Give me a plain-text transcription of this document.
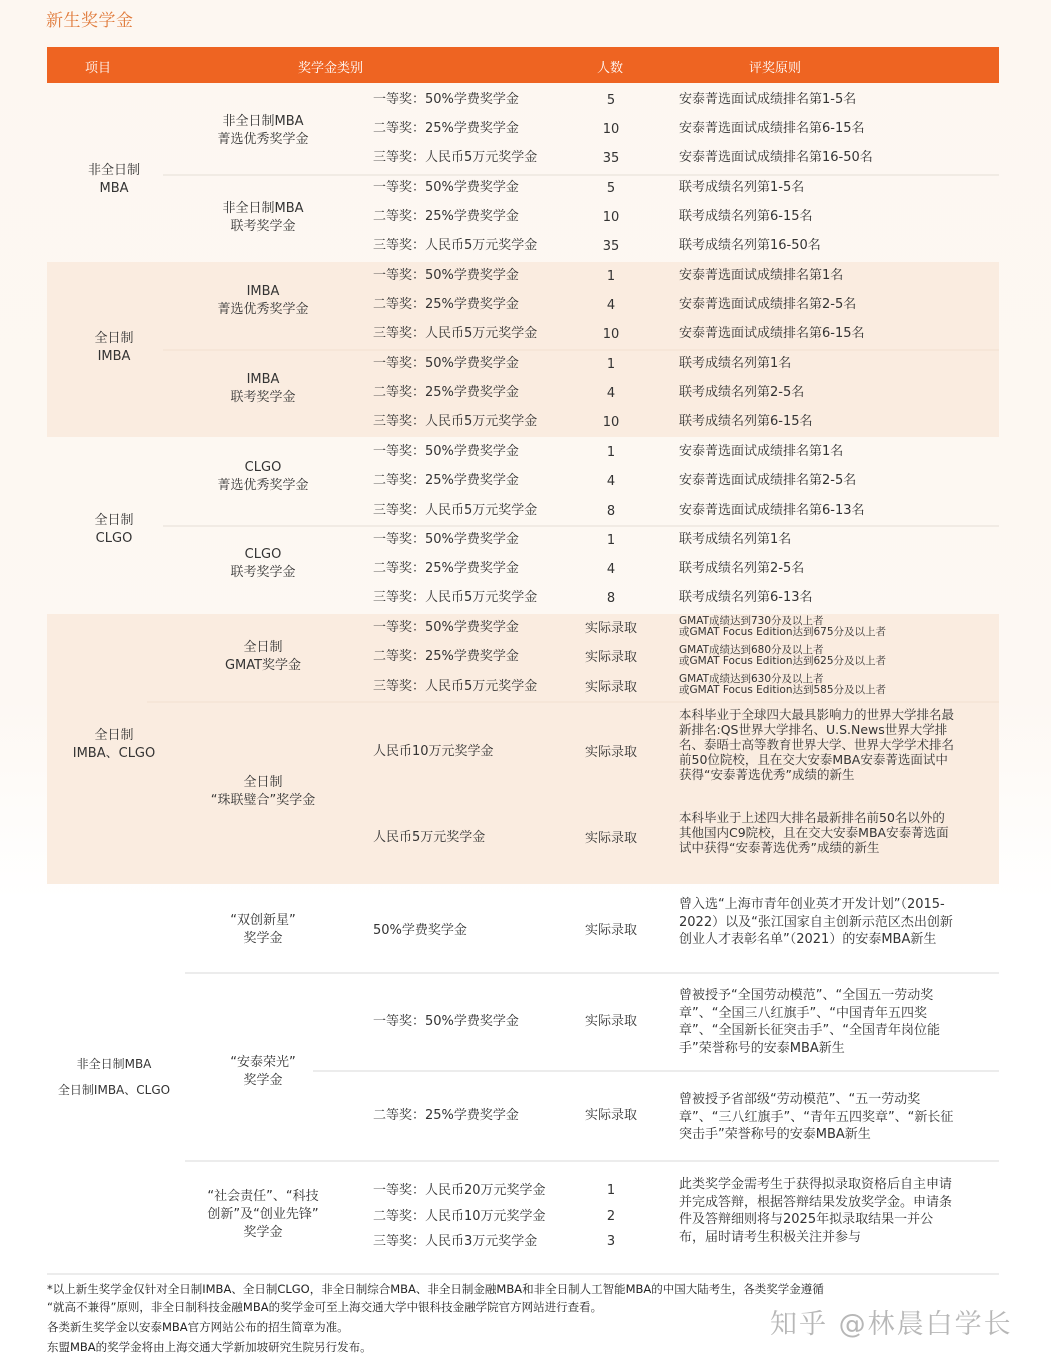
新生奖学金
项目	奖学金类别	人数	评奖原则
非全日制
MBA
非全日制MBA
菁选优秀奖学金
一等奖：50%学费奖学金	5	安泰菁选面试成绩排名第1-5名
二等奖：25%学费奖学金	10	安泰菁选面试成绩排名第6-15名
三等奖：人民币5万元奖学金	35	安泰菁选面试成绩排名第16-50名
非全日制MBA
联考奖学金
一等奖：50%学费奖学金	5	联考成绩名列第1-5名
二等奖：25%学费奖学金	10	联考成绩名列第6-15名
三等奖：人民币5万元奖学金	35	联考成绩名列第16-50名
全日制
IMBA
IMBA
菁选优秀奖学金
一等奖：50%学费奖学金	1	安泰菁选面试成绩排名第1名
二等奖：25%学费奖学金	4	安泰菁选面试成绩排名第2-5名
三等奖：人民币5万元奖学金	10	安泰菁选面试成绩排名第6-15名
IMBA
联考奖学金
一等奖：50%学费奖学金	1	联考成绩名列第1名
二等奖：25%学费奖学金	4	联考成绩名列第2-5名
三等奖：人民币5万元奖学金	10	联考成绩名列第6-15名
全日制
CLGO
CLGO
菁选优秀奖学金
一等奖：50%学费奖学金	1	安泰菁选面试成绩排名第1名
二等奖：25%学费奖学金	4	安泰菁选面试成绩排名第2-5名
三等奖：人民币5万元奖学金	8	安泰菁选面试成绩排名第6-13名
CLGO
联考奖学金
一等奖：50%学费奖学金	1	联考成绩名列第1名
二等奖：25%学费奖学金	4	联考成绩名列第2-5名
三等奖：人民币5万元奖学金	8	联考成绩名列第6-13名
全日制
IMBA、CLGO
全日制
GMAT奖学金
一等奖：50%学费奖学金	实际录取	GMAT成绩达到730分及以上者
或GMAT Focus Edition达到675分及以上者
二等奖：25%学费奖学金	实际录取	GMAT成绩达到680分及以上者
或GMAT Focus Edition达到625分及以上者
三等奖：人民币5万元奖学金	实际录取
GMAT成绩达到630分及以上者
或GMAT Focus Edition达到585分及以上者
全日制
“珠联璧合”奖学金
人民币10万元奖学金	实际录取
本科毕业于全球四大最具影响力的世界大学排名最新排名:QS世界大学排名、U.S.News世界大学排名、泰晤士高等教育世界大学、世界大学学术排名前50位院校，且在交大安泰MBA安泰菁选面试中获得“安泰菁选优秀”成绩的新生
人民币5万元奖学金	实际录取
本科毕业于上述四大排名最新排名前50名以外的其他国内C9院校，且在交大安泰MBA安泰菁选面试中获得“安泰菁选优秀”成绩的新生
非全日制MBA
全日制IMBA、CLGO
“双创新星”
奖学金
50%学费奖学金	实际录取
曾入选“上海市青年创业英才开发计划”（2015-2022）以及“张江国家自主创新示范区杰出创新创业人才表彰名单”（2021）的安泰MBA新生
“安泰荣光”
奖学金
一等奖：50%学费奖学金	实际录取
曾被授予“全国劳动模范”、“全国五一劳动奖章”、“全国三八红旗手”、“中国青年五四奖章”、“全国新长征突击手”、“全国青年岗位能手”荣誉称号的安泰MBA新生
二等奖：25%学费奖学金	实际录取
曾被授予省部级“劳动模范”、“五一劳动奖章”、“三八红旗手”、“青年五四奖章”、“新长征突击手”荣誉称号的安泰MBA新生
“社会责任”、“科技
创新”及“创业先锋”
奖学金
一等奖：人民币20万元奖学金	1
二等奖：人民币10万元奖学金	2
三等奖：人民币3万元奖学金	3
此类奖学金需考生于获得拟录取资格后自主申请并完成答辩，根据答辩结果发放奖学金。申请条件及答辩细则将与2025年拟录取结果一并公布，届时请考生积极关注并参与
*以上新生奖学金仅针对全日制IMBA、全日制CLGO，非全日制综合MBA、非全日制金融MBA和非全日制人工智能MBA的中国大陆考生，各类奖学金遵循
“就高不兼得”原则，非全日制科技金融MBA的奖学金可至上海交通大学中银科技金融学院官方网站进行查看。
各类新生奖学金以安泰MBA官方网站公布的招生简章为准。
东盟MBA的奖学金将由上海交通大学新加坡研究生院另行发布。
知乎 @林晨白学长
